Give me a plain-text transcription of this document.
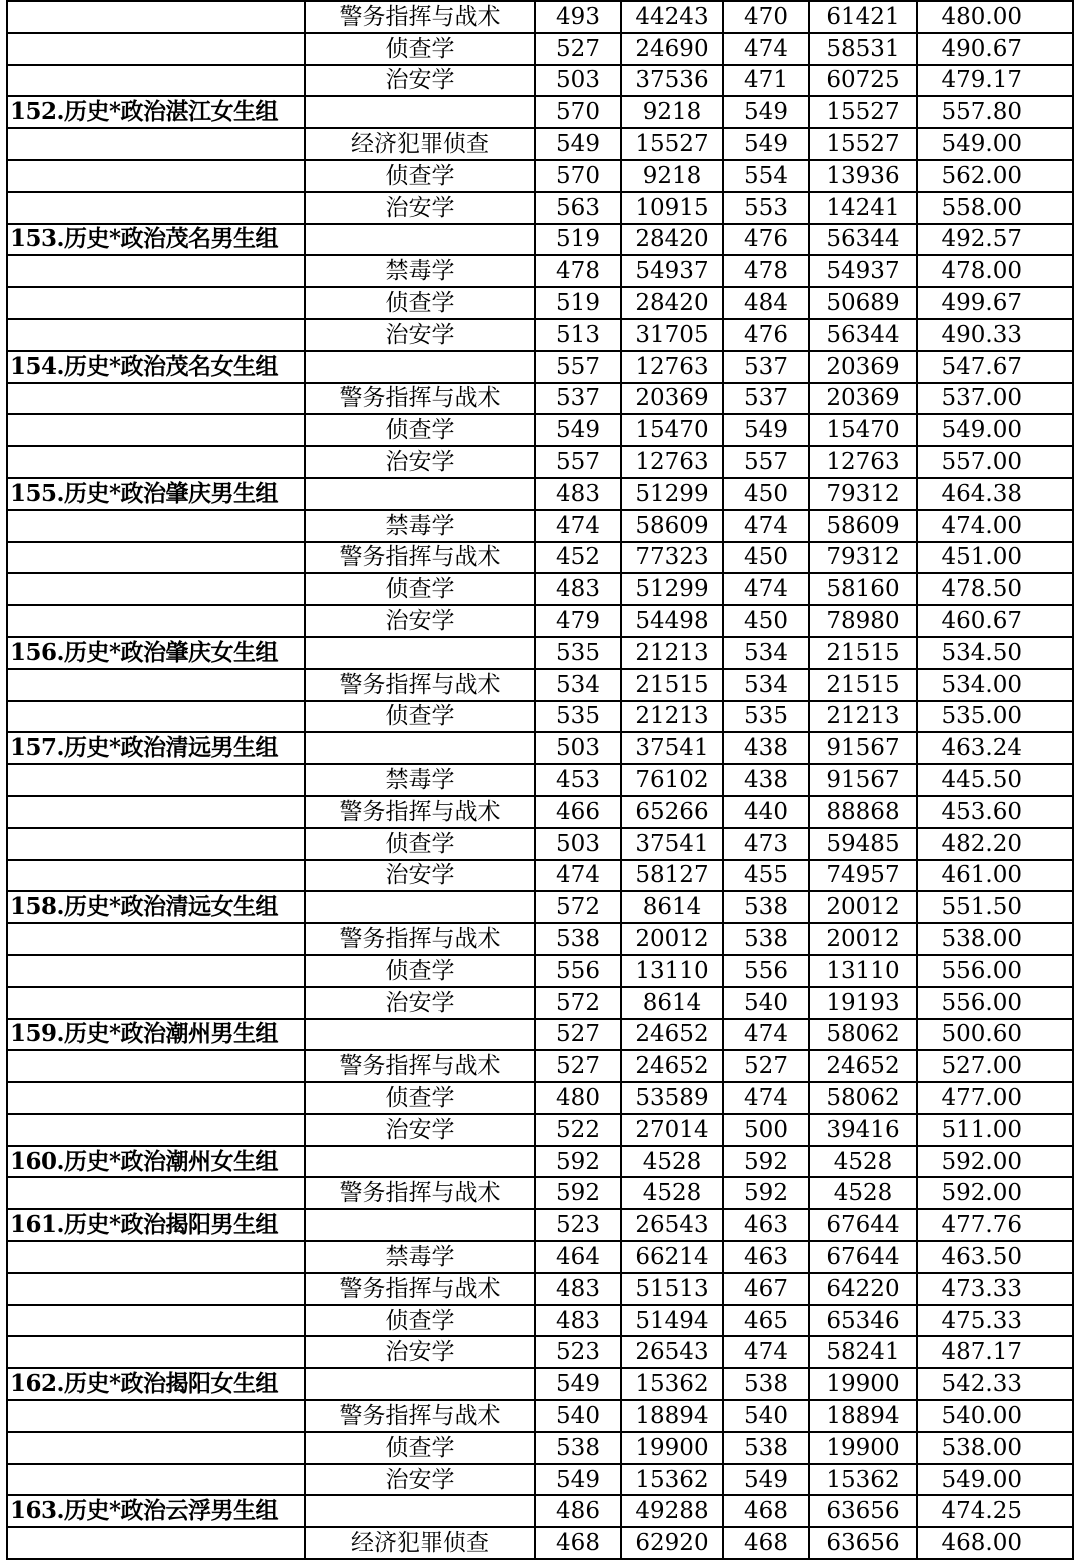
	警务指挥与战术	493	44243	470	61421	480.00
	侦查学	527	24690	474	58531	490.67
	治安学	503	37536	471	60725	479.17
152.历史*政治湛江女生组		570	9218	549	15527	557.80
	经济犯罪侦查	549	15527	549	15527	549.00
	侦查学	570	9218	554	13936	562.00
	治安学	563	10915	553	14241	558.00
153.历史*政治茂名男生组		519	28420	476	56344	492.57
	禁毒学	478	54937	478	54937	478.00
	侦查学	519	28420	484	50689	499.67
	治安学	513	31705	476	56344	490.33
154.历史*政治茂名女生组		557	12763	537	20369	547.67
	警务指挥与战术	537	20369	537	20369	537.00
	侦查学	549	15470	549	15470	549.00
	治安学	557	12763	557	12763	557.00
155.历史*政治肇庆男生组		483	51299	450	79312	464.38
	禁毒学	474	58609	474	58609	474.00
	警务指挥与战术	452	77323	450	79312	451.00
	侦查学	483	51299	474	58160	478.50
	治安学	479	54498	450	78980	460.67
156.历史*政治肇庆女生组		535	21213	534	21515	534.50
	警务指挥与战术	534	21515	534	21515	534.00
	侦查学	535	21213	535	21213	535.00
157.历史*政治清远男生组		503	37541	438	91567	463.24
	禁毒学	453	76102	438	91567	445.50
	警务指挥与战术	466	65266	440	88868	453.60
	侦查学	503	37541	473	59485	482.20
	治安学	474	58127	455	74957	461.00
158.历史*政治清远女生组		572	8614	538	20012	551.50
	警务指挥与战术	538	20012	538	20012	538.00
	侦查学	556	13110	556	13110	556.00
	治安学	572	8614	540	19193	556.00
159.历史*政治潮州男生组		527	24652	474	58062	500.60
	警务指挥与战术	527	24652	527	24652	527.00
	侦查学	480	53589	474	58062	477.00
	治安学	522	27014	500	39416	511.00
160.历史*政治潮州女生组		592	4528	592	4528	592.00
	警务指挥与战术	592	4528	592	4528	592.00
161.历史*政治揭阳男生组		523	26543	463	67644	477.76
	禁毒学	464	66214	463	67644	463.50
	警务指挥与战术	483	51513	467	64220	473.33
	侦查学	483	51494	465	65346	475.33
	治安学	523	26543	474	58241	487.17
162.历史*政治揭阳女生组		549	15362	538	19900	542.33
	警务指挥与战术	540	18894	540	18894	540.00
	侦查学	538	19900	538	19900	538.00
	治安学	549	15362	549	15362	549.00
163.历史*政治云浮男生组		486	49288	468	63656	474.25
	经济犯罪侦查	468	62920	468	63656	468.00
